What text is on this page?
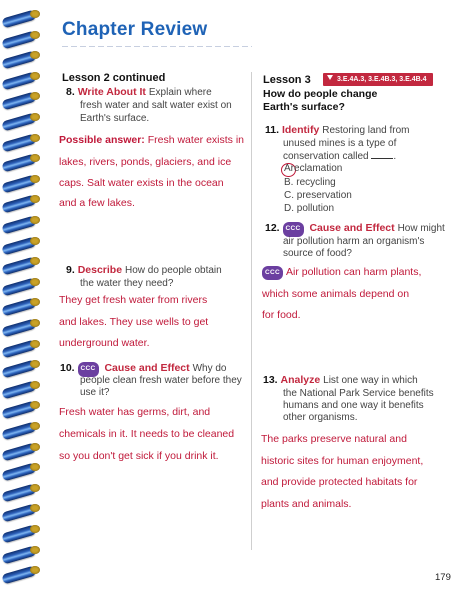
Chapter Review
Lesson 2 continued
8. Write About It Explain where
fresh water and salt water exist on
Earth's surface.
Possible answer: Fresh water exists in
lakes, rivers, ponds, glaciers, and ice
caps. Salt water exists in the ocean
and a few lakes.
9. Describe How do people obtain
the water they need?
They get fresh water from rivers
and lakes. They use wells to get
underground water.
10. CCC Cause and Effect Why do
people clean fresh water before they
use it?
Fresh water has germs, dirt, and
chemicals in it. It needs to be cleaned
so you don't get sick if you drink it.
Lesson 3	3.E.4A.3, 3.E.4B.3, 3.E.4B.4
How do people change
Earth's surface?
11. Identify Restoring land from
unused mines is a type of
conservation called .
Areclamation
B. recycling
C. preservation
D. pollution
12. CCC Cause and Effect How might
air pollution harm an organism's
source of food?
CCC Air pollution can harm plants,
which some animals depend on
for food.
13. Analyze List one way in which
the National Park Service benefits
humans and one way it benefits
other organisms.
The parks preserve natural and
historic sites for human enjoyment,
and provide protected habitats for
plants and animals.
179
